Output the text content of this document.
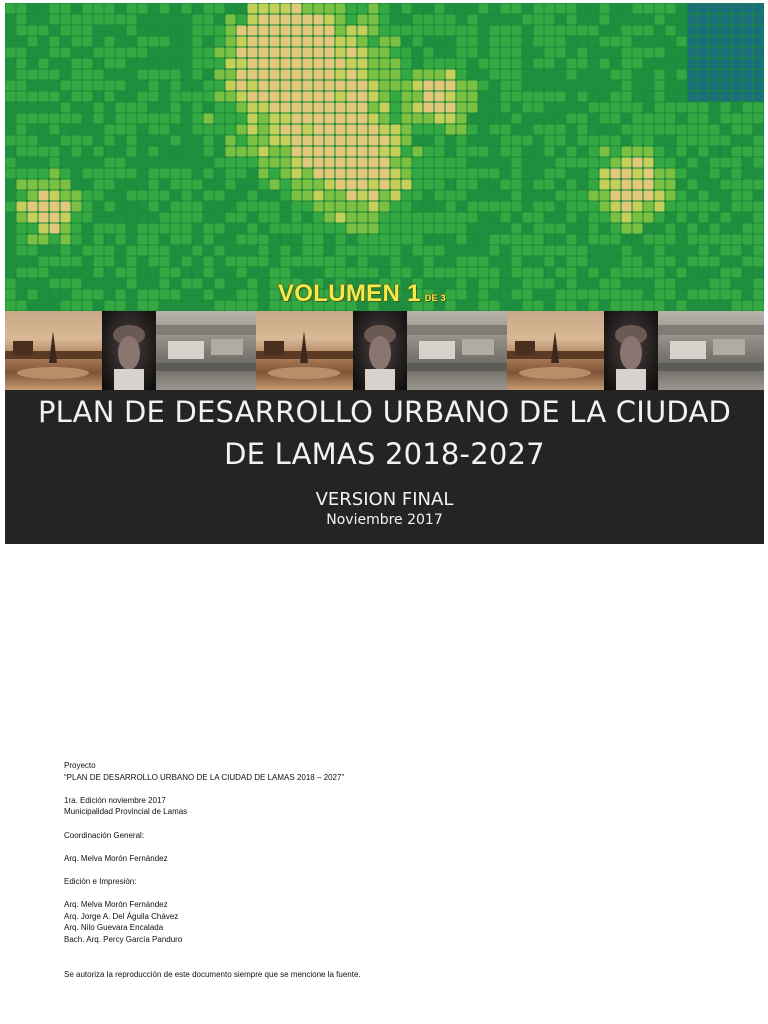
VOLUMEN 1 DE 3
PLAN DE DESARROLLO URBANO DE LA CIUDAD
DE LAMAS 2018-2027
VERSION FINAL
Noviembre 2017
Proyecto
“PLAN DE DESARROLLO URBANO DE LA CIUDAD DE LAMAS 2018 – 2027”
1ra. Edición noviembre 2017
Municipalidad Provincial de Lamas
Coordinación General:
Arq. Melva Morón Fernández
Edición e Impresión:
Arq. Melva Morón Fernández
Arq. Jorge A. Del Águila Chávez
Arq. Nilo Guevara Encalada
Bach. Arq. Percy García Panduro
Se autoriza la reproducción de este documento siempre que se mencione la fuente.
